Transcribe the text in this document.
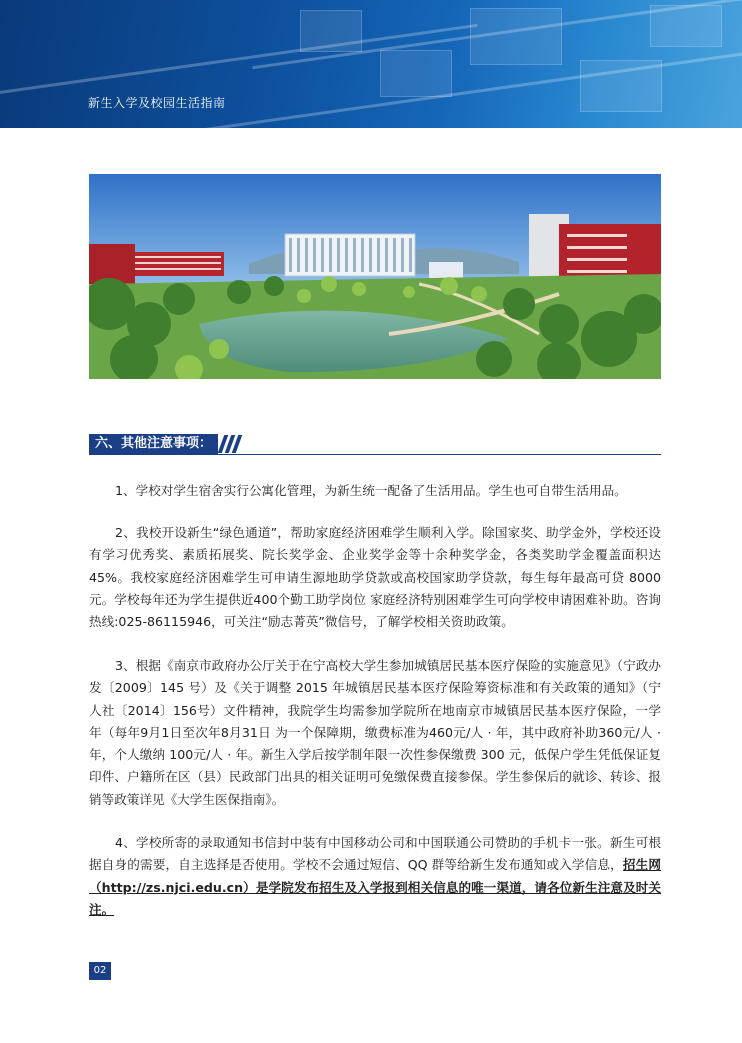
新生入学及校园生活指南
六、其他注意事项：

1、学校对学生宿舍实行公寓化管理，为新生统一配备了生活用品。学生也可自带生活用品。

2、我校开设新生“绿色通道”，帮助家庭经济困难学生顺利入学。除国家奖、助学金外，学校还设有学习优秀奖、素质拓展奖、院长奖学金、企业奖学金等十余种奖学金，各类奖助学金覆盖面积达45%。我校家庭经济困难学生可申请生源地助学贷款或高校国家助学贷款，每生每年最高可贷 8000 元。学校每年还为学生提供近400个勤工助学岗位 家庭经济特别困难学生可向学校申请困难补助。咨询热线:025-86115946，可关注“励志菁英”微信号，了解学校相关资助政策。

3、根据《南京市政府办公厅关于在宁高校大学生参加城镇居民基本医疗保险的实施意见》（宁政办发〔2009〕145 号）及《关于调整 2015 年城镇居民基本医疗保险筹资标准和有关政策的通知》（宁人社〔2014〕156号）文件精神，我院学生均需参加学院所在地南京市城镇居民基本医疗保险，一学年（每年9月1日至次年8月31日 为一个保障期，缴费标准为460元/人 · 年，其中政府补助360元/人 · 年，个人缴纳 100元/人 · 年。新生入学后按学制年限一次性参保缴费 300 元，低保户学生凭低保证复印件、户籍所在区（县）民政部门出具的相关证明可免缴保费直接参保。学生参保后的就诊、转诊、报销等政策详见《大学生医保指南》。

4、学校所寄的录取通知书信封中装有中国移动公司和中国联通公司赞助的手机卡一张。新生可根据自身的需要，自主选择是否使用。学校不会通过短信、QQ 群等给新生发布通知或入学信息，招生网（http://zs.njci.edu.cn）是学院发布招生及入学报到相关信息的唯一渠道，请各位新生注意及时关注。

02
